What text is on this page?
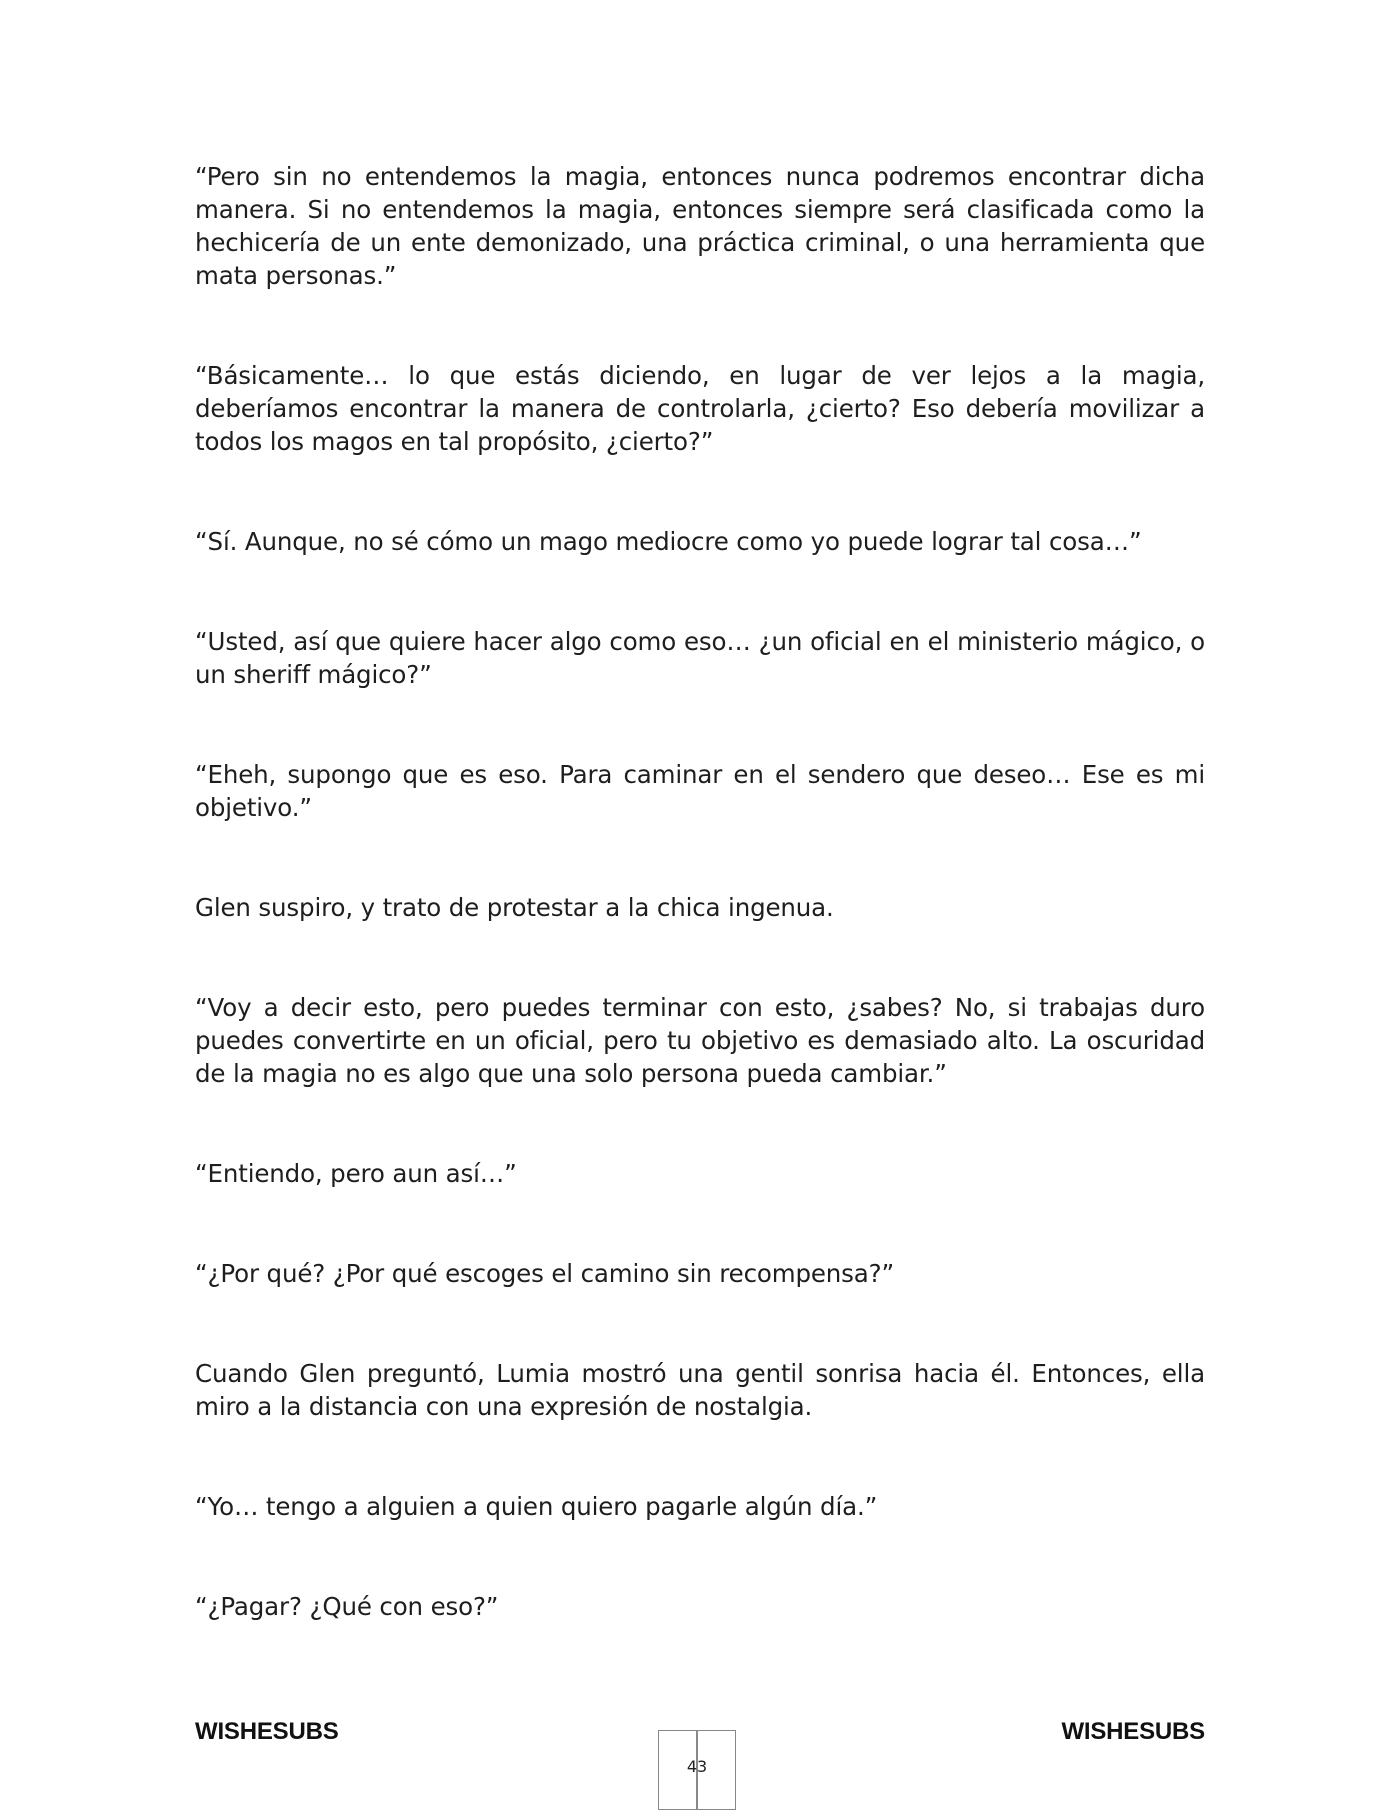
“Pero sin no entendemos la magia, entonces nunca podremos encontrar dicha manera. Si no entendemos la magia, entonces siempre será clasificada como la hechicería de un ente demonizado, una práctica criminal, o una herramienta que mata personas.”

“Básicamente… lo que estás diciendo, en lugar de ver lejos a la magia, deberíamos encontrar la manera de controlarla, ¿cierto? Eso debería movilizar a todos los magos en tal propósito, ¿cierto?”

“Sí. Aunque, no sé cómo un mago mediocre como yo puede lograr tal cosa…”

“Usted, así que quiere hacer algo como eso… ¿un oficial en el ministerio mágico, o un sheriff mágico?”

“Eheh, supongo que es eso. Para caminar en el sendero que deseo… Ese es mi objetivo.”

Glen suspiro, y trato de protestar a la chica ingenua.

“Voy a decir esto, pero puedes terminar con esto, ¿sabes? No, si trabajas duro puedes convertirte en un oficial, pero tu objetivo es demasiado alto. La oscuridad de la magia no es algo que una solo persona pueda cambiar.”

“Entiendo, pero aun así…”

“¿Por qué? ¿Por qué escoges el camino sin recompensa?”

Cuando Glen preguntó, Lumia mostró una gentil sonrisa hacia él. Entonces, ella miro a la distancia con una expresión de nostalgia.

“Yo… tengo a alguien a quien quiero pagarle algún día.”

“¿Pagar? ¿Qué con eso?”

WISHESUBS	WISHESUBS
43
